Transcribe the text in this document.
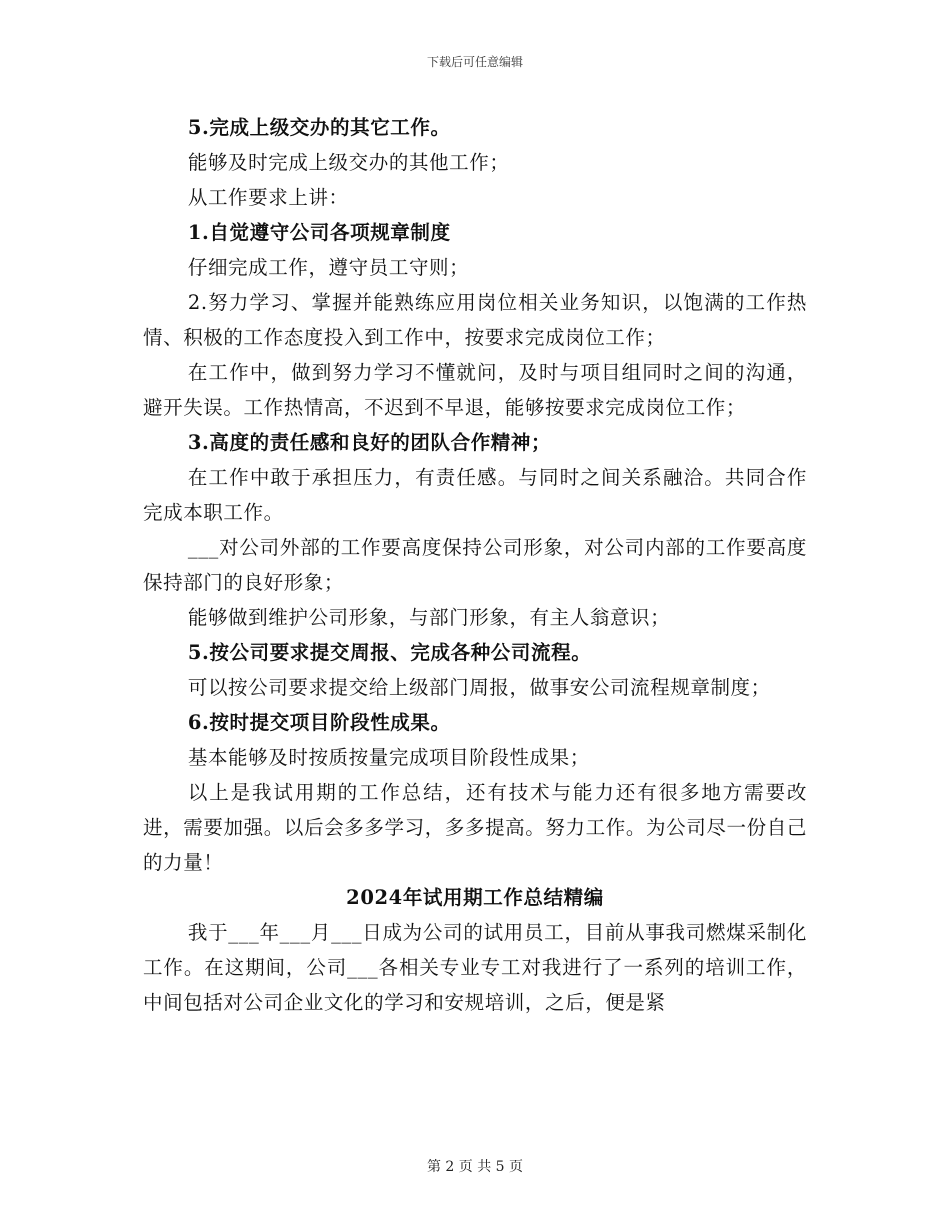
下载后可任意编辑

5.完成上级交办的其它工作。

能够及时完成上级交办的其他工作；

从工作要求上讲：

1.自觉遵守公司各项规章制度

仔细完成工作，遵守员工守则；

2.努力学习、掌握并能熟练应用岗位相关业务知识，以饱满的工作热情、积极的工作态度投入到工作中，按要求完成岗位工作；

在工作中，做到努力学习不懂就问，及时与项目组同时之间的沟通，避开失误。工作热情高，不迟到不早退，能够按要求完成岗位工作；

3.高度的责任感和良好的团队合作精神；

在工作中敢于承担压力，有责任感。与同时之间关系融洽。共同合作完成本职工作。

___对公司外部的工作要高度保持公司形象，对公司内部的工作要高度保持部门的良好形象；

能够做到维护公司形象，与部门形象，有主人翁意识；

5.按公司要求提交周报、完成各种公司流程。

可以按公司要求提交给上级部门周报，做事安公司流程规章制度；

6.按时提交项目阶段性成果。

基本能够及时按质按量完成项目阶段性成果；

以上是我试用期的工作总结，还有技术与能力还有很多地方需要改进，需要加强。以后会多多学习，多多提高。努力工作。为公司尽一份自己的力量！

2024年试用期工作总结精编

我于___年___月___日成为公司的试用员工，目前从事我司燃煤采制化工作。在这期间，公司___各相关专业专工对我进行了一系列的培训工作，中间包括对公司企业文化的学习和安规培训，之后，便是紧

第 2 页 共 5 页
